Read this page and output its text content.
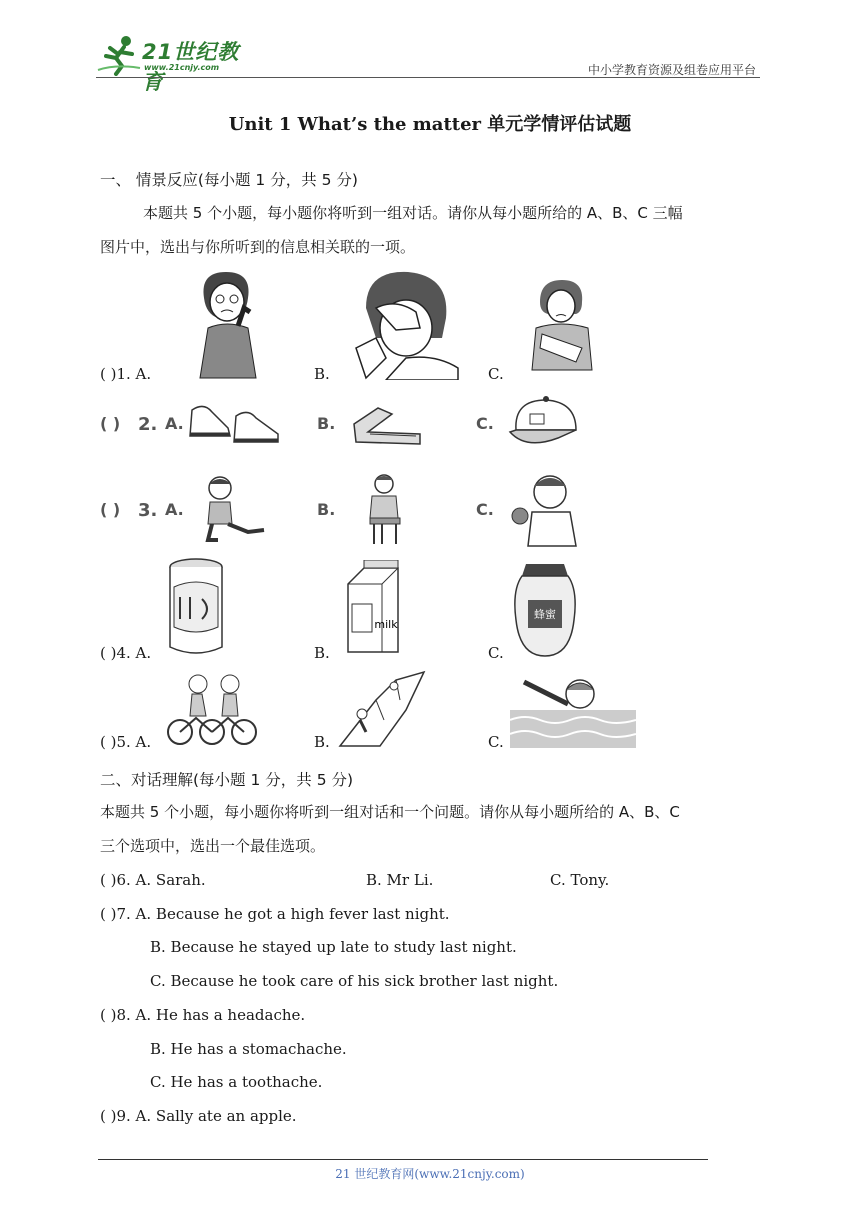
21世纪教育
www.21cnjy.com	中小学教育资源及组卷应用平台
Unit 1 What’s the matter 单元学情评估试题
一、 情景反应(每小题 1 分，共 5 分)
本题共 5 个小题，每小题你将听到一组对话。请你从每小题所给的 A、B、C 三幅
图片中，选出与你所听到的信息相关联的一项。
( )1. A.	B.	C.
( ) 2. A.	B.	C.
( ) 3. A.	B.	C.
( )4. A.	B.
milk
C.
蜂蜜
( )5. A.	B.	C.
二、对话理解(每小题 1 分，共 5 分)
本题共 5 个小题，每小题你将听到一组对话和一个问题。请你从每小题所给的 A、B、C
三个选项中，选出一个最佳选项。
( )6. A. Sarah.	B. Mr Li.	C. Tony.
( )7. A. Because he got a high fever last night.
B. Because he stayed up late to study last night.
C. Because he took care of his sick brother last night.
( )8. A. He has a headache.
B. He has a stomachache.
C. He has a toothache.
( )9. A. Sally ate an apple.
21 世纪教育网(www.21cnjy.com)
